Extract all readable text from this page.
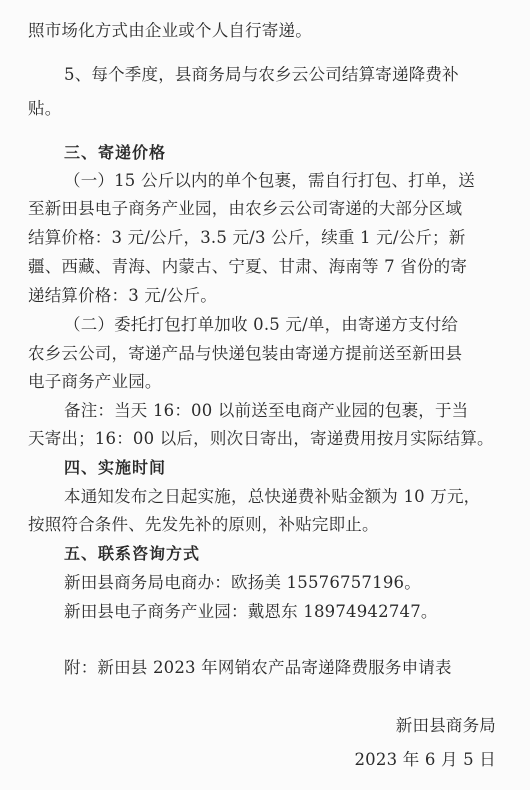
照市场化方式由企业或个人自行寄递。
5、每个季度，县商务局与农乡云公司结算寄递降费补
贴。
三、寄递价格
（一）15 公斤以内的单个包裹，需自行打包、打单，送
至新田县电子商务产业园，由农乡云公司寄递的大部分区域
结算价格：3 元/公斤，3.5 元/3 公斤，续重 1 元/公斤；新
疆、西藏、青海、内蒙古、宁夏、甘肃、海南等 7 省份的寄
递结算价格：3 元/公斤。
（二）委托打包打单加收 0.5 元/单，由寄递方支付给
农乡云公司，寄递产品与快递包装由寄递方提前送至新田县
电子商务产业园。
备注：当天 16：00 以前送至电商产业园的包裹，于当
天寄出；16：00 以后，则次日寄出，寄递费用按月实际结算。
四、实施时间
本通知发布之日起实施，总快递费补贴金额为 10 万元，
按照符合条件、先发先补的原则，补贴完即止。
五、联系咨询方式
新田县商务局电商办：欧扬美 15576757196。
新田县电子商务产业园：戴恩东 18974942747。
附：新田县 2023 年网销农产品寄递降费服务申请表
新田县商务局
2023 年 6 月 5 日
